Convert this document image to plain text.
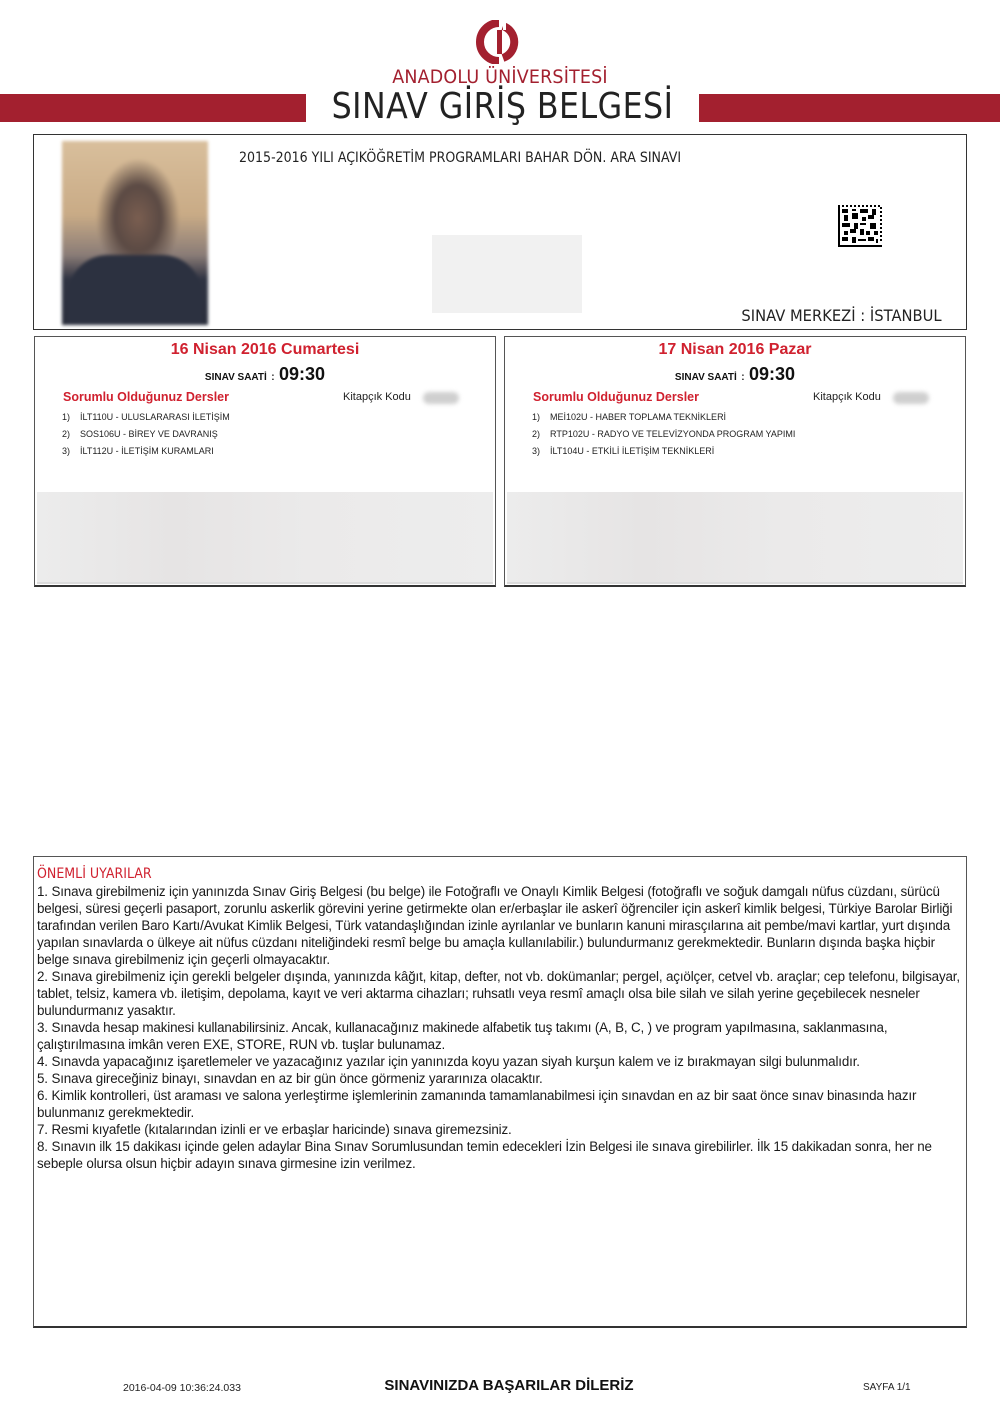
ANADOLU ÜNİVERSİTESİ
SINAV GİRİŞ BELGESİ
2015-2016 YILI AÇIKÖĞRETİM PROGRAMLARI BAHAR DÖN. ARA SINAVI
SINAV MERKEZİ : İSTANBUL
16 Nisan 2016 Cumartesi
SINAV SAATİ : 09:30
Sorumlu Olduğunuz Dersler	Kitapçık Kodu
1) İLT110U - ULUSLARARASI İLETİŞİM
2) SOS106U - BİREY VE DAVRANIŞ
3) İLT112U - İLETİŞİM KURAMLARI
17 Nisan 2016 Pazar
SINAV SAATİ : 09:30
Sorumlu Olduğunuz Dersler	Kitapçık Kodu
1) MEİ102U - HABER TOPLAMA TEKNİKLERİ
2) RTP102U - RADYO VE TELEVİZYONDA PROGRAM YAPIMI
3) İLT104U - ETKİLİ İLETİŞİM TEKNİKLERİ
ÖNEMLİ UYARILAR

1. Sınava girebilmeniz için yanınızda Sınav Giriş Belgesi (bu belge) ile Fotoğraflı ve Onaylı Kimlik Belgesi (fotoğraflı ve soğuk damgalı nüfus cüzdanı, sürücü belgesi, süresi geçerli pasaport, zorunlu askerlik görevini yerine getirmekte olan er/erbaşlar ile askerî öğrenciler için askerî kimlik belgesi, Türkiye Barolar Birliği tarafından verilen Baro Kartı/Avukat Kimlik Belgesi, Türk vatandaşlığından izinle ayrılanlar ve bunların kanuni mirasçılarına ait pembe/mavi kartlar, yurt dışında yapılan sınavlarda o ülkeye ait nüfus cüzdanı niteliğindeki resmî belge bu amaçla kullanılabilir.) bulundurmanız gerekmektedir. Bunların dışında başka hiçbir belge sınava girebilmeniz için geçerli olmayacaktır.

2. Sınava girebilmeniz için gerekli belgeler dışında, yanınızda kâğıt, kitap, defter, not vb. dokümanlar; pergel, açıölçer, cetvel vb. araçlar; cep telefonu, bilgisayar, tablet, telsiz, kamera vb. iletişim, depolama, kayıt ve veri aktarma cihazları; ruhsatlı veya resmî amaçlı olsa bile silah ve silah yerine geçebilecek nesneler bulundurmanız yasaktır.

3. Sınavda hesap makinesi kullanabilirsiniz. Ancak, kullanacağınız makinede alfabetik tuş takımı (A, B, C, ) ve program yapılmasına, saklanmasına, çalıştırılmasına imkân veren EXE, STORE, RUN vb. tuşlar bulunamaz.

4. Sınavda yapacağınız işaretlemeler ve yazacağınız yazılar için yanınızda koyu yazan siyah kurşun kalem ve iz bırakmayan silgi bulunmalıdır.

5. Sınava gireceğiniz binayı, sınavdan en az bir gün önce görmeniz yararınıza olacaktır.

6. Kimlik kontrolleri, üst araması ve salona yerleştirme işlemlerinin zamanında tamamlanabilmesi için sınavdan en az bir saat önce sınav binasında hazır bulunmanız gerekmektedir.

7. Resmi kıyafetle (kıtalarından izinli er ve erbaşlar haricinde) sınava giremezsiniz.

8. Sınavın ilk 15 dakikası içinde gelen adaylar Bina Sınav Sorumlusundan temin edecekleri İzin Belgesi ile sınava girebilirler. İlk 15 dakikadan sonra, her ne sebeple olursa olsun hiçbir adayın sınava girmesine izin verilmez.

2016-04-09 10:36:24.033	SINAVINIZDA BAŞARILAR DİLERİZ	SAYFA 1/1
